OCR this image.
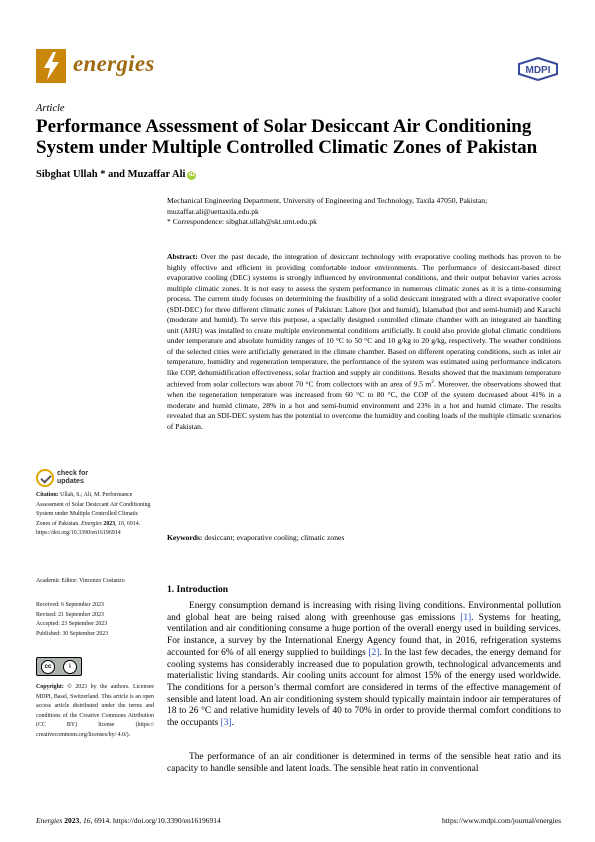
energies	MDPI
Article
Performance Assessment of Solar Desiccant Air Conditioning System under Multiple Controlled Climatic Zones of Pakistan
Sibghat Ullah * and Muzaffar Ali iD
Mechanical Engineering Department, University of Engineering and Technology, Taxila 47050, Pakistan; muzaffar.ali@uettaxila.edu.pk
* Correspondence: sibghat.ullah@skt.umt.edu.pk
Abstract: Over the past decade, the integration of desiccant technology with evaporative cooling methods has proven to be highly effective and efficient in providing comfortable indoor environments. The performance of desiccant-based direct evaporative cooling (DEC) systems is strongly influenced by environmental conditions, and their output behavior varies across multiple climatic zones. It is not easy to assess the system performance in numerous climatic zones as it is a time-consuming process. The current study focuses on determining the feasibility of a solid desiccant integrated with a direct evaporative cooler (SDI-DEC) for three different climatic zones of Pakistan: Lahore (hot and humid), Islamabad (hot and semi-humid) and Karachi (moderate and humid). To serve this purpose, a specially designed controlled climate chamber with an integrated air handling unit (AHU) was installed to create multiple environmental conditions artificially. It could also provide global climatic conditions under temperature and absolute humidity ranges of 10 °C to 50 °C and 10 g/kg to 20 g/kg, respectively. The weather conditions of the selected cities were artificially generated in the climate chamber. Based on different operating conditions, such as inlet air temperature, humidity and regeneration temperature, the performance of the system was estimated using performance indicators like COP, dehumidification effectiveness, solar fraction and supply air conditions. Results showed that the maximum temperature achieved from solar collectors was about 70 °C from collectors with an area of 9.5 $m^2$. Moreover, the observations showed that when the regeneration temperature was increased from 60 °C to 80 °C, the COP of the system decreased about 41% in a moderate and humid climate, 28% in a hot and semi-humid environment and 23% in a hot and humid climate. The results revealed that an SDI-DEC system has the potential to overcome the humidity and cooling loads of the multiple climatic scenarios of Pakistan.
Keywords: desiccant; evaporative cooling; climatic zones
check for
updates
Citation: Ullah, S.; Ali, M. Performance Assessment of Solar Desiccant Air Conditioning System under Multiple Controlled Climatic Zones of Pakistan. Energies 2023, 16, 6914. https://doi.org/10.3390/en16196914
Academic Editor: Vincenzo Costanzo
Received: 6 September 2023
Revised: 21 September 2023
Accepted: 23 September 2023
Published: 30 September 2023
cc	i
Copyright: © 2023 by the authors. Licensee MDPI, Basel, Switzerland. This article is an open access article distributed under the terms and conditions of the Creative Commons Attribution (CC BY) license (https:// creativecommons.org/licenses/by/ 4.0/).
1. Introduction

Energy consumption demand is increasing with rising living conditions. Environmental pollution and global heat are being raised along with greenhouse gas emissions [1]. Systems for heating, ventilation and air conditioning consume a huge portion of the overall energy used in building services. For instance, a survey by the International Energy Agency found that, in 2016, refrigeration systems accounted for 6% of all energy supplied to buildings [2]. In the last few decades, the energy demand for cooling systems has considerably increased due to population growth, technological advancements and materialistic living standards. Air cooling units account for almost 15% of the energy used worldwide. The conditions for a person’s thermal comfort are considered in terms of the effective management of sensible and latent load. An air conditioning system should typically maintain indoor air temperatures of 18 to 26 °C and relative humidity levels of 40 to 70% in order to provide thermal comfort conditions to the occupants [3].

The performance of an air conditioner is determined in terms of the sensible heat ratio and its capacity to handle sensible and latent loads. The sensible heat ratio in conventional

Energies 2023, 16, 6914. https://doi.org/10.3390/en16196914	https://www.mdpi.com/journal/energies
